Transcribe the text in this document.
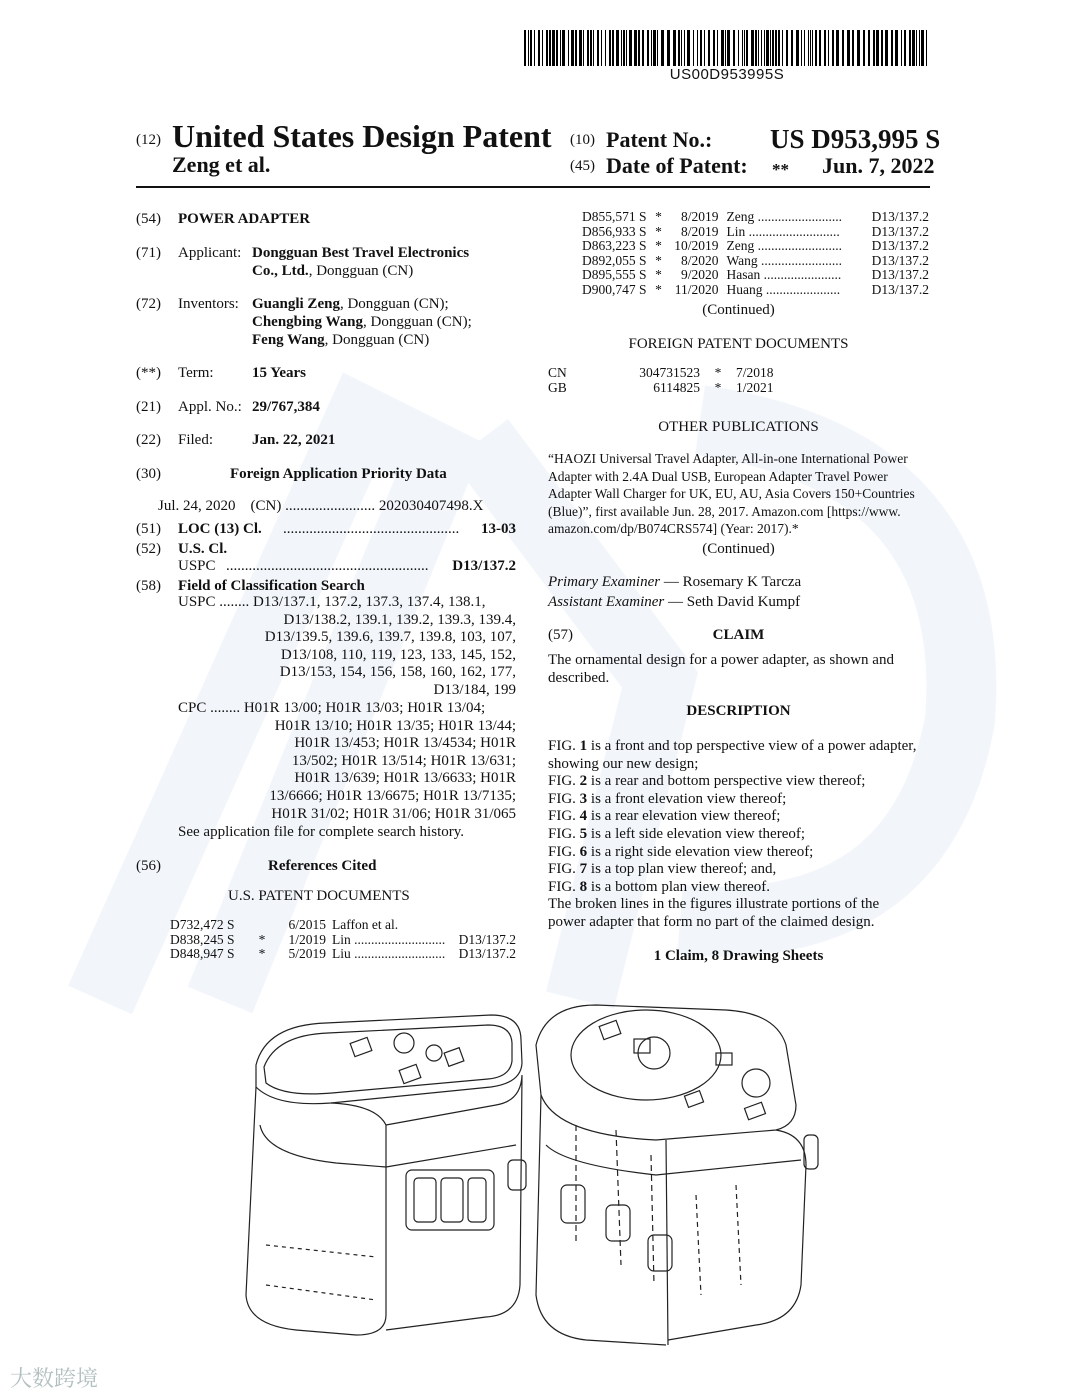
US00D953995S
(12) United States Design Patent
Zeng et al.
(10) Patent No.: US D953,995 S
(45) Date of Patent: ** Jun. 7, 2022
(54) POWER ADAPTER
(71) Applicant: Dongguan Best Travel Electronics
Co., Ltd., Dongguan (CN)
(72) Inventors: Guangli Zeng, Dongguan (CN);
Chengbing Wang, Dongguan (CN);
Feng Wang, Dongguan (CN)
(**) Term:	15 Years
(21) Appl. No.: 29/767,384
(22) Filed:	Jan. 22, 2021
(30)	Foreign Application Priority Data
Jul. 24, 2020    (CN) ........................ 202030407498.X
(51) LOC (13) Cl. ...............................................	13-03
(52) U.S. Cl.
USPC ......................................................	D13/137.2
(58) Field of Classification Search
USPC ........ D13/137.1, 137.2, 137.3, 137.4, 138.1,
D13/138.2, 139.1, 139.2, 139.3, 139.4,
D13/139.5, 139.6, 139.7, 139.8, 103, 107,
D13/108, 110, 119, 123, 133, 145, 152,
D13/153, 154, 156, 158, 160, 162, 177,
D13/184, 199
CPC ........ H01R 13/00; H01R 13/03; H01R 13/04;
H01R 13/10; H01R 13/35; H01R 13/44;
H01R 13/453; H01R 13/4534; H01R
13/502; H01R 13/514; H01R 13/631;
H01R 13/639; H01R 13/6633; H01R
13/6666; H01R 13/6675; H01R 13/7135;
H01R 31/02; H01R 31/06; H01R 31/065
See application file for complete search history.
(56)	References Cited
U.S. PATENT DOCUMENTS
D732,472 S		6/2015	Laffon et al.	
D838,245 S	*	1/2019	Lin ...........................	D13/137.2
D848,947 S	*	5/2019	Liu ...........................	D13/137.2
D855,571 S	*	8/2019	Zeng .........................	D13/137.2
D856,933 S	*	8/2019	Lin ...........................	D13/137.2
D863,223 S	*	10/2019	Zeng .........................	D13/137.2
D892,055 S	*	8/2020	Wang ........................	D13/137.2
D895,555 S	*	9/2020	Hasan .......................	D13/137.2
D900,747 S	*	11/2020	Huang ......................	D13/137.2
(Continued)
FOREIGN PATENT DOCUMENTS
CN	304731523	*	7/2018
GB	6114825	*	1/2021
OTHER PUBLICATIONS
“HAOZI Universal Travel Adapter, All-in-one International Power
Adapter with 2.4A Dual USB, European Adapter Travel Power
Adapter Wall Charger for UK, EU, AU, Asia Covers 150+Countries
(Blue)”, first available Jun. 28, 2017. Amazon.com [https://www.
amazon.com/dp/B074CRS574] (Year: 2017).*
(Continued)
Primary Examiner — Rosemary K Tarcza
Assistant Examiner — Seth David Kumpf
(57)	CLAIM
The ornamental design for a power adapter, as shown and
described.
DESCRIPTION
FIG. 1 is a front and top perspective view of a power adapter,
showing our new design;
FIG. 2 is a rear and bottom perspective view thereof;
FIG. 3 is a front elevation view thereof;
FIG. 4 is a rear elevation view thereof;
FIG. 5 is a left side elevation view thereof;
FIG. 6 is a right side elevation view thereof;
FIG. 7 is a top plan view thereof; and,
FIG. 8 is a bottom plan view thereof.
The broken lines in the figures illustrate portions of the
power adapter that form no part of the claimed design.
1 Claim, 8 Drawing Sheets
大数跨境
